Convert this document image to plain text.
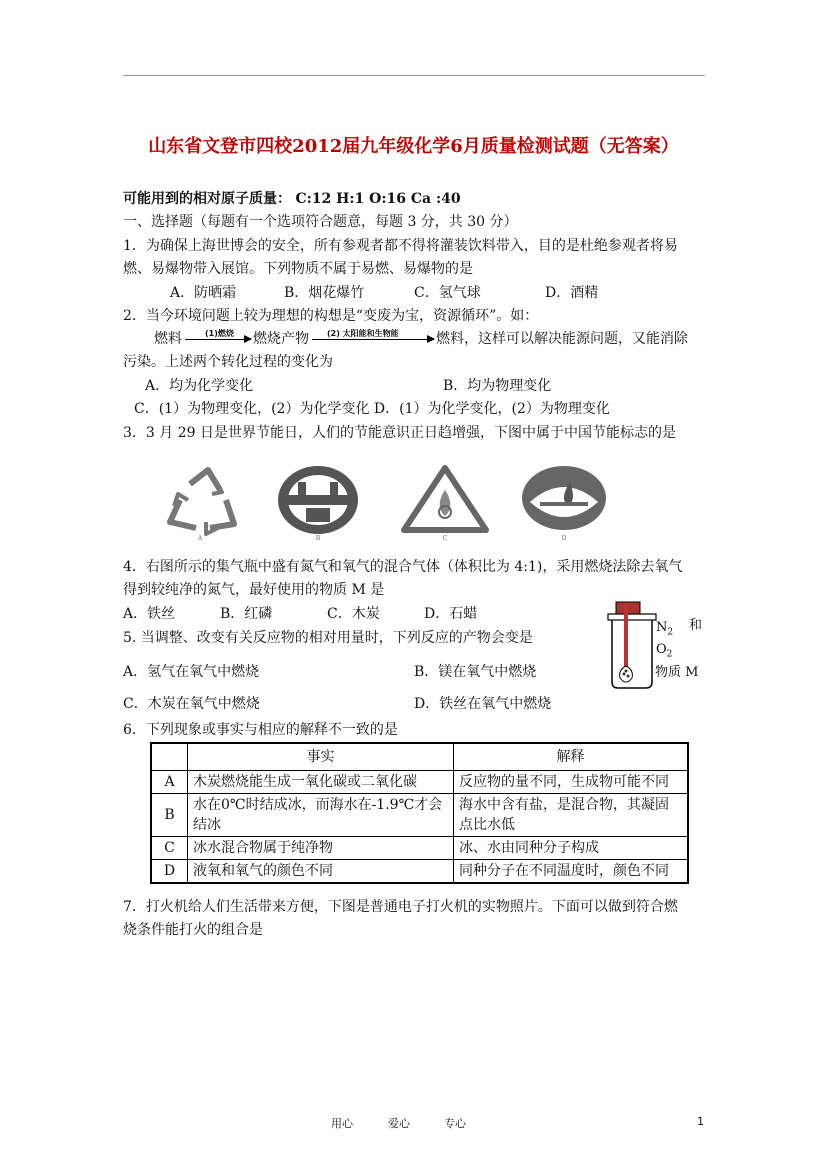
山东省文登市四校2012届九年级化学6月质量检测试题（无答案）
可能用到的相对原子质量： C:12 H:1 O:16 Ca :40
一、选择题（每题有一个选项符合题意，每题 3 分，共 30 分）
1．为确保上海世博会的安全，所有参观者都不得将灌装饮料带入，目的是杜绝参观者将易
燃、易爆物带入展馆。下列物质不属于易燃、易爆物的是
A．防晒霜	B．烟花爆竹	C．氢气球	D．酒精
2．当今环境问题上较为理想的构想是“变废为宝，资源循环”。如：
燃料	(1)燃烧 燃烧产物 (2) 太阳能和生物能	燃料，这样可以解决能源问题，又能消除
污染。上述两个转化过程的变化为
A．均为化学变化	B．均为物理变化
C．(1）为物理变化，(2）为化学变化 D．(1）为化学变化，(2）为物理变化
3．3 月 29 日是世界节能日，人们的节能意识正日趋增强，下图中属于中国节能标志的是
A	B	C	D
4．右图所示的集气瓶中盛有氮气和氧气的混合气体（体积比为 4:1)，采用燃烧法除去氧气
得到较纯净的氮气，最好使用的物质 M 是
A．铁丝	B．红磷	C．木炭	D．石蜡
$N_2$ 和
$O_2$
物质 M
5. 当调整、改变有关反应物的相对用量时，下列反应的产物会变是
A．氢气在氧气中燃烧	B．镁在氧气中燃烧
C．木炭在氧气中燃烧	D．铁丝在氧气中燃烧
6．下列现象或事实与相应的解释不一致的是
	事实	解释
A	木炭燃烧能生成一氧化碳或二氧化碳	反应物的量不同，生成物可能不同
B	水在0℃时结成冰，而海水在-1.9℃才会结冰	海水中含有盐，是混合物，其凝固点比水低
C	冰水混合物属于纯净物	冰、水由同种分子构成
D	液氧和氧气的颜色不同	同种分子在不同温度时，颜色不同
7．打火机给人们生活带来方便，下图是普通电子打火机的实物照片。下面可以做到符合燃
烧条件能打火的组合是
用心	爱心	专心	1
